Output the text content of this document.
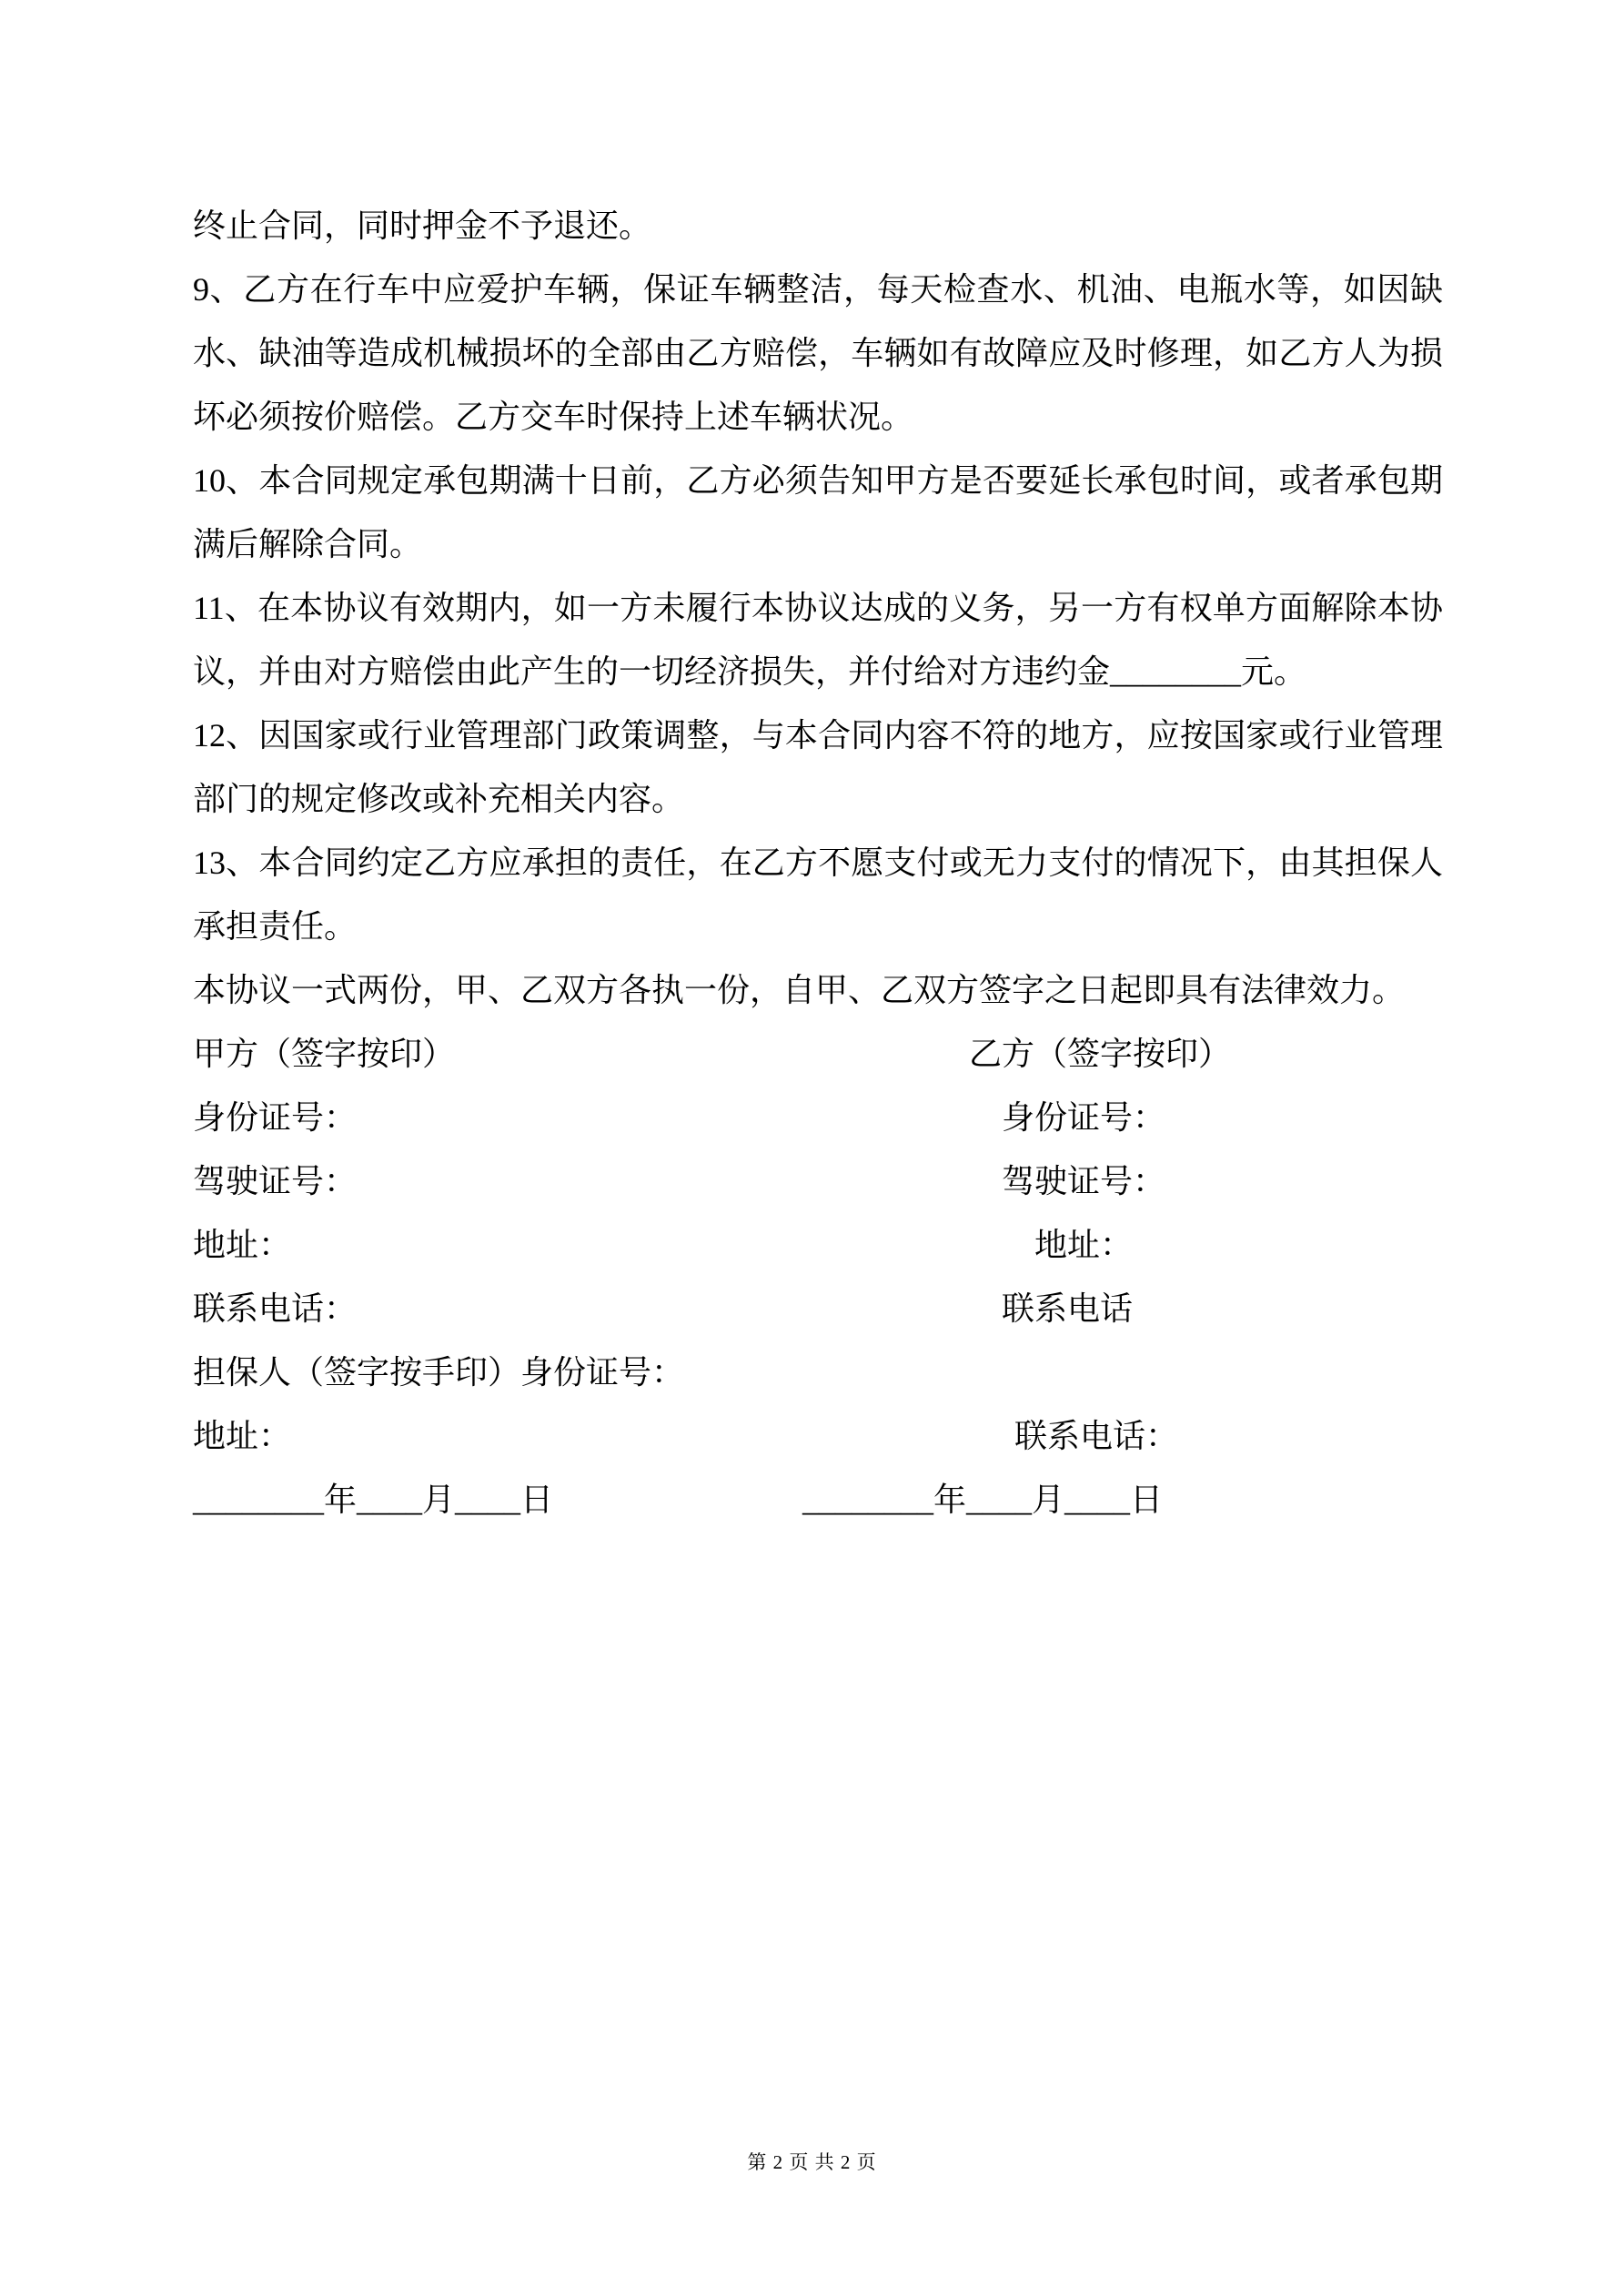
终止合同，同时押金不予退还。

9、乙方在行车中应爱护车辆，保证车辆整洁，每天检查水、机油、电瓶水等，如因缺水、缺油等造成机械损坏的全部由乙方赔偿，车辆如有故障应及时修理，如乙方人为损坏必须按价赔偿。乙方交车时保持上述车辆状况。

10、本合同规定承包期满十日前，乙方必须告知甲方是否要延长承包时间，或者承包期满后解除合同。

11、在本协议有效期内，如一方未履行本协议达成的义务，另一方有权单方面解除本协议，并由对方赔偿由此产生的一切经济损失，并付给对方违约金________元。

12、因国家或行业管理部门政策调整，与本合同内容不符的地方，应按国家或行业管理部门的规定修改或补充相关内容。

13、本合同约定乙方应承担的责任，在乙方不愿支付或无力支付的情况下，由其担保人承担责任。

本协议一式两份，甲、乙双方各执一份，自甲、乙双方签字之日起即具有法律效力。

甲方（签字按印）	乙方（签字按印）
身份证号：	身份证号：
驾驶证号：	驾驶证号：
地址：	地址：
联系电话：	联系电话
担保人（签字按手印）身份证号：
地址：	联系电话：
________年____月____日	________年____月____日
第 2 页 共 2 页
